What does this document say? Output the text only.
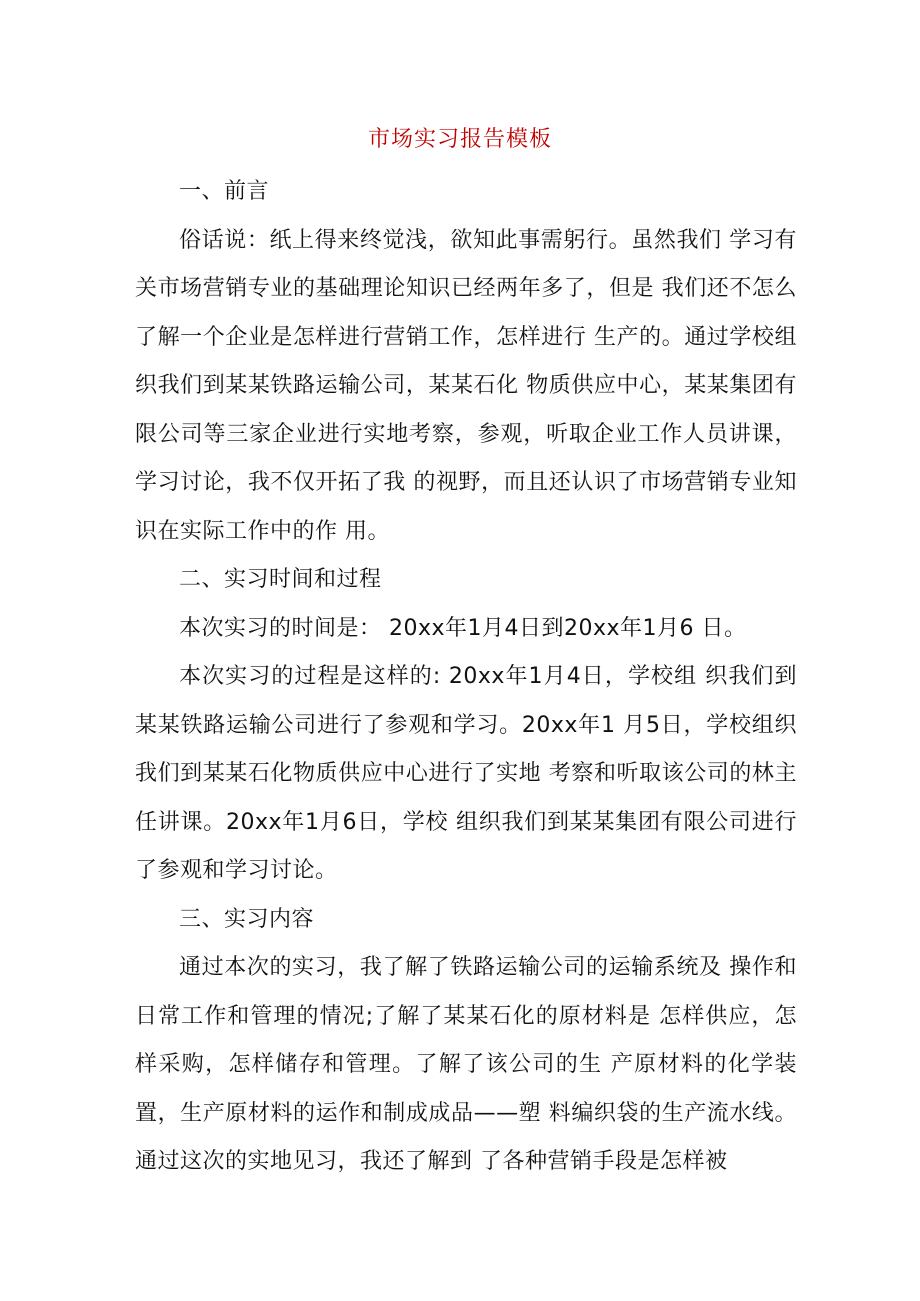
市场实习报告模板

一、前言

俗话说：纸上得来终觉浅，欲知此事需躬行。虽然我们 学习有关市场营销专业的基础理论知识已经两年多了，但是 我们还不怎么了解一个企业是怎样进行营销工作，怎样进行 生产的。通过学校组织我们到某某铁路运输公司，某某石化 物质供应中心，某某集团有限公司等三家企业进行实地考察，参观，听取企业工作人员讲课，学习讨论，我不仅开拓了我 的视野，而且还认识了市场营销专业知识在实际工作中的作 用。

二、实习时间和过程

本次实习的时间是： 20xx年1月4日到20xx年1月6 日。

本次实习的过程是这样的: 20xx年1月4日，学校组 织我们到某某铁路运输公司进行了参观和学习。20xx年1 月5日，学校组织我们到某某石化物质供应中心进行了实地 考察和听取该公司的林主任讲课。20xx年1月6日，学校 组织我们到某某集团有限公司进行了参观和学习讨论。

三、实习内容

通过本次的实习，我了解了铁路运输公司的运输系统及 操作和日常工作和管理的情况;了解了某某石化的原材料是 怎样供应，怎样采购，怎样储存和管理。了解了该公司的生 产原材料的化学装置，生产原材料的运作和制成成品——塑 料编织袋的生产流水线。通过这次的实地见习，我还了解到 了各种营销手段是怎样被
